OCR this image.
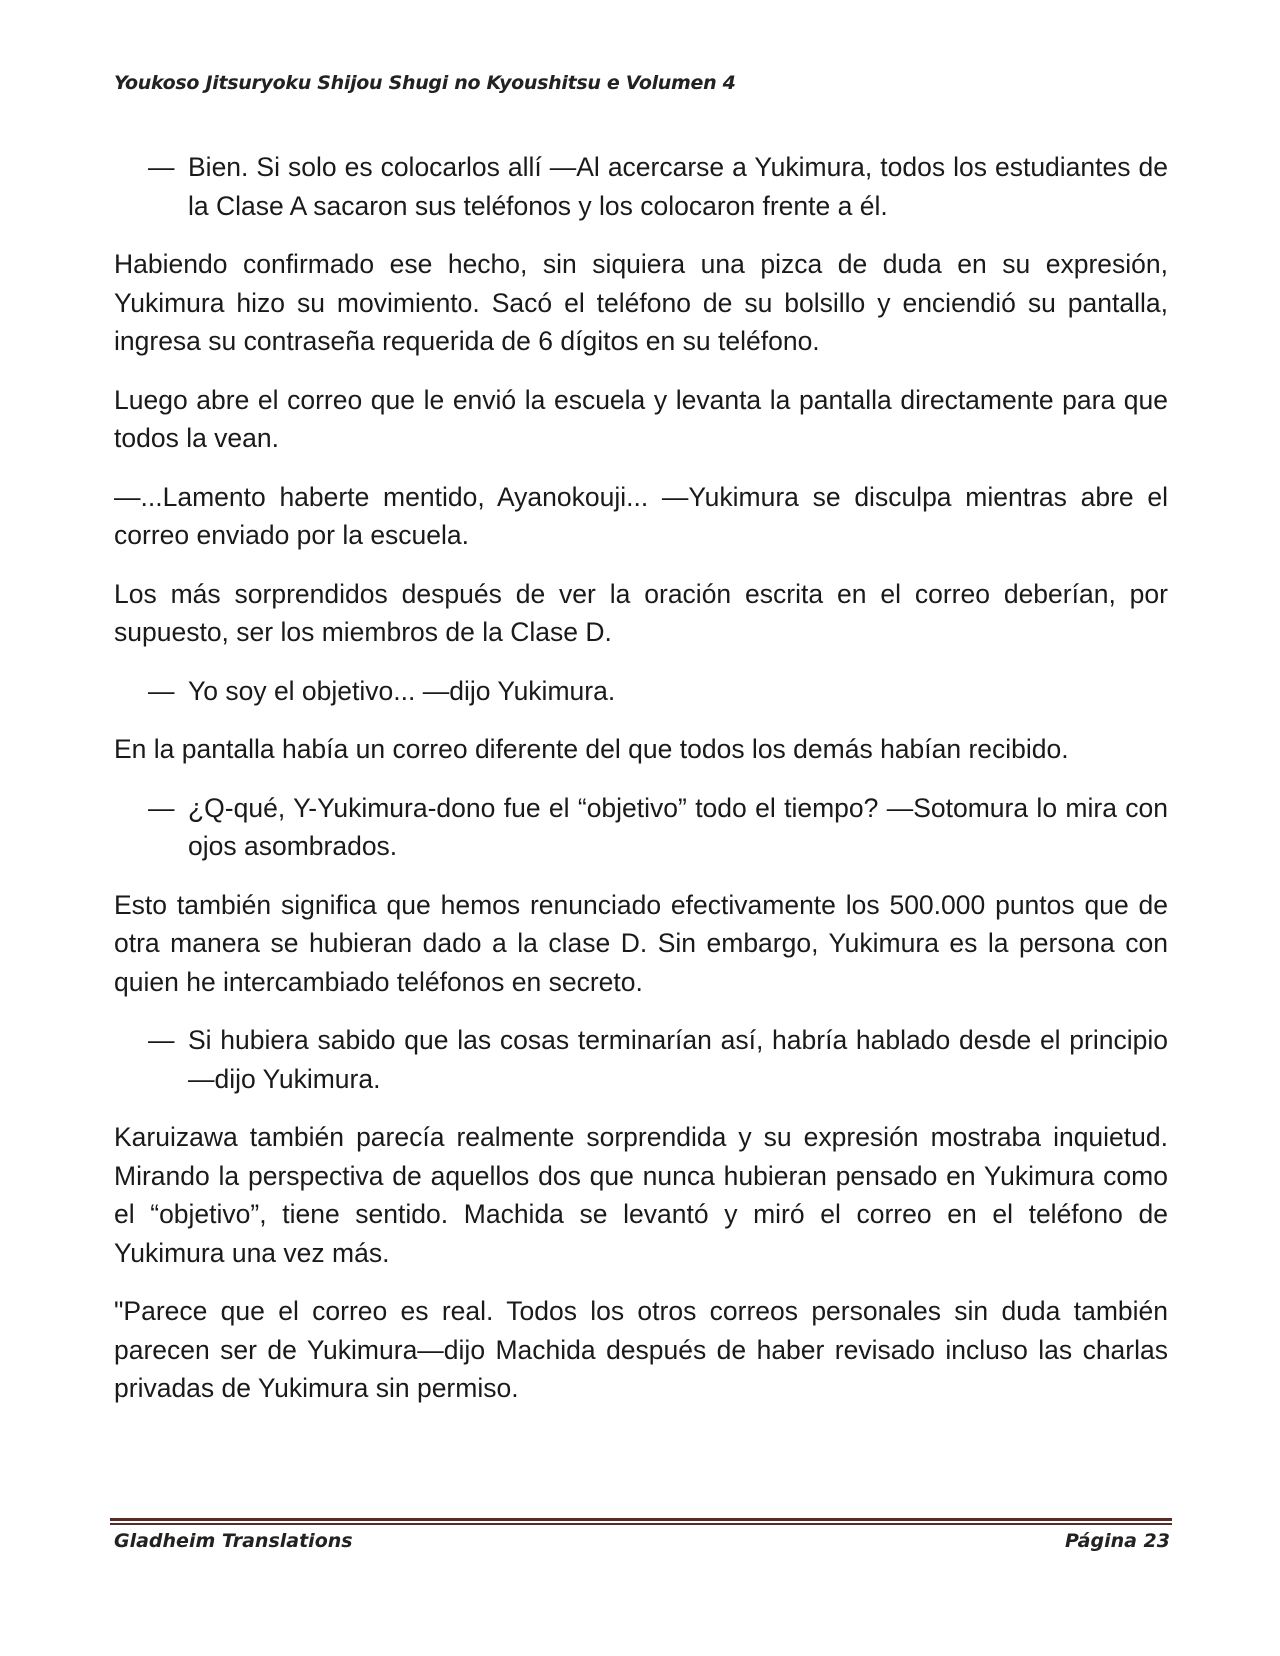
Youkoso Jitsuryoku Shijou Shugi no Kyoushitsu e Volumen 4

— Bien. Si solo es colocarlos allí —Al acercarse a Yukimura, todos los estudiantes de la Clase A sacaron sus teléfonos y los colocaron frente a él.

Habiendo confirmado ese hecho, sin siquiera una pizca de duda en su expresión, Yukimura hizo su movimiento. Sacó el teléfono de su bolsillo y enciendió su pantalla, ingresa su contraseña requerida de 6 dígitos en su teléfono.

Luego abre el correo que le envió la escuela y levanta la pantalla directamente para que todos la vean.

—...Lamento haberte mentido, Ayanokouji... —Yukimura se disculpa mientras abre el correo enviado por la escuela.

Los más sorprendidos después de ver la oración escrita en el correo deberían, por supuesto, ser los miembros de la Clase D.

— Yo soy el objetivo... —dijo Yukimura.

En la pantalla había un correo diferente del que todos los demás habían recibido.

— ¿Q-qué, Y-Yukimura-dono fue el “objetivo” todo el tiempo? —Sotomura lo mira con ojos asombrados.

Esto también significa que hemos renunciado efectivamente los 500.000 puntos que de otra manera se hubieran dado a la clase D. Sin embargo, Yukimura es la persona con quien he intercambiado teléfonos en secreto.

— Si hubiera sabido que las cosas terminarían así, habría hablado desde el principio —dijo Yukimura.

Karuizawa también parecía realmente sorprendida y su expresión mostraba inquietud. Mirando la perspectiva de aquellos dos que nunca hubieran pensado en Yukimura como el “objetivo”, tiene sentido. Machida se levantó y miró el correo en el teléfono de Yukimura una vez más.

"Parece que el correo es real. Todos los otros correos personales sin duda también parecen ser de Yukimura—dijo Machida después de haber revisado incluso las charlas privadas de Yukimura sin permiso.

Gladheim Translations	Página 23
